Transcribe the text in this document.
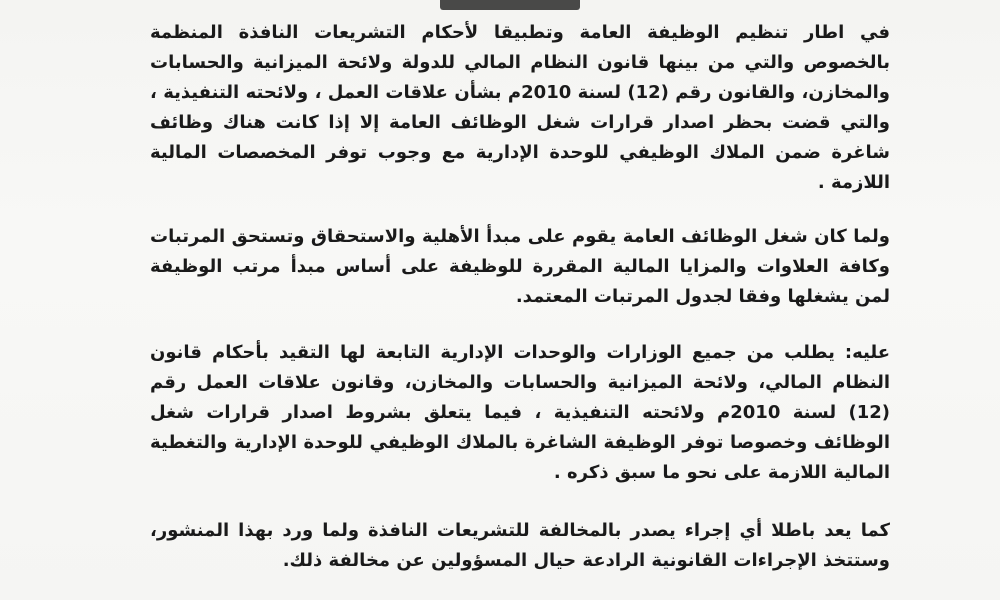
في اطار تنظيم الوظيفة العامة وتطبيقا لأحكام التشريعات النافذة المنظمة بالخصوص والتي من بينها قانون النظام المالي للدولة ولائحة الميزانية والحسابات والمخازن، والقانون رقم (12) لسنة 2010م بشأن علاقات العمل ، ولائحته التنفيذية ، والتي قضت بحظر اصدار قرارات شغل الوظائف العامة إلا إذا كانت هناك وظائف شاغرة ضمن الملاك الوظيفي للوحدة الإدارية مع وجوب توفر المخصصات المالية اللازمة .

ولما كان شغل الوظائف العامة يقوم على مبدأ الأهلية والاستحقاق وتستحق المرتبات وكافة العلاوات والمزايا المالية المقررة للوظيفة على أساس مبدأ مرتب الوظيفة لمن يشغلها وفقا لجدول المرتبات المعتمد.

عليه: يطلب من جميع الوزارات والوحدات الإدارية التابعة لها التقيد بأحكام قانون النظام المالي، ولائحة الميزانية والحسابات والمخازن، وقانون علاقات العمل رقم (12) لسنة 2010م ولائحته التنفيذية ، فيما يتعلق بشروط اصدار قرارات شغل الوظائف وخصوصا توفر الوظيفة الشاغرة بالملاك الوظيفي للوحدة الإدارية والتغطية المالية اللازمة على نحو ما سبق ذكره .

كما يعد باطلا أي إجراء يصدر بالمخالفة للتشريعات النافذة ولما ورد بهذا المنشور، وستتخذ الإجراءات القانونية الرادعة حيال المسؤولين عن مخالفة ذلك.
